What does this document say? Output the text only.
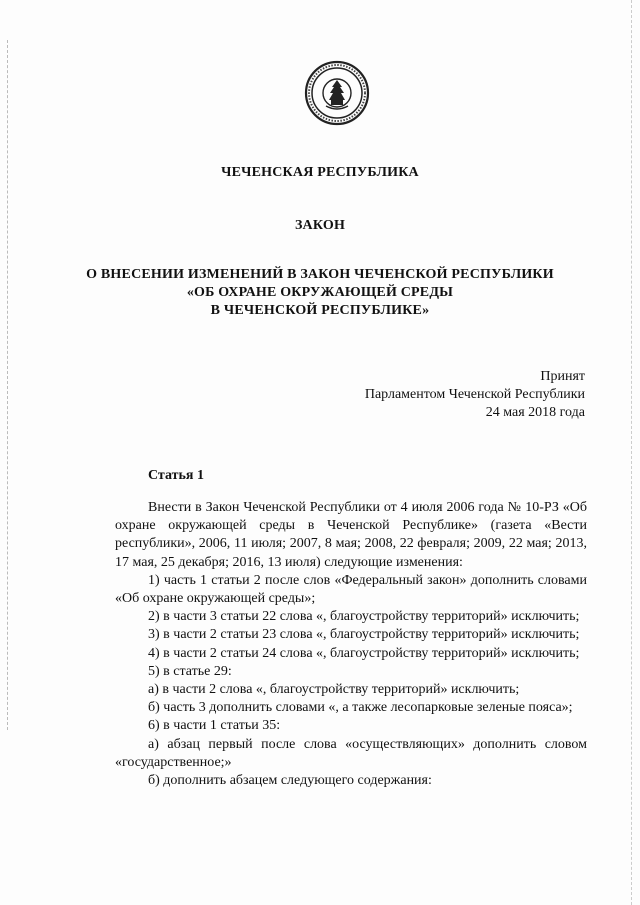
ЧЕЧЕНСКАЯ РЕСПУБЛИКА
ЗАКОН
О ВНЕСЕНИИ ИЗМЕНЕНИЙ В ЗАКОН ЧЕЧЕНСКОЙ РЕСПУБЛИКИ
«ОБ ОХРАНЕ ОКРУЖАЮЩЕЙ СРЕДЫ
В ЧЕЧЕНСКОЙ РЕСПУБЛИКЕ»
Принят
Парламентом Чеченской Республики
24 мая 2018 года
Статья 1

Внести в Закон Чеченской Республики от 4 июля 2006 года № 10-РЗ «Об охране окружающей среды в Чеченской Республике» (газета «Вести республики», 2006, 11 июля; 2007, 8 мая; 2008, 22 февраля; 2009, 22 мая; 2013, 17 мая, 25 декабря; 2016, 13 июля) следующие изменения:

1) часть 1 статьи 2 после слов «Федеральный закон» дополнить словами «Об охране окружающей среды»;

2) в части 3 статьи 22 слова «, благоустройству территорий» исключить;

3) в части 2 статьи 23 слова «, благоустройству территорий» исключить;

4) в части 2 статьи 24 слова «, благоустройству территорий» исключить;

5) в статье 29:

а) в части 2 слова «, благоустройству территорий» исключить;

б) часть 3 дополнить словами «, а также лесопарковые зеленые пояса»;

6) в части 1 статьи 35:

а) абзац первый после слова «осуществляющих» дополнить словом «государственное;»

б) дополнить абзацем следующего содержания:
